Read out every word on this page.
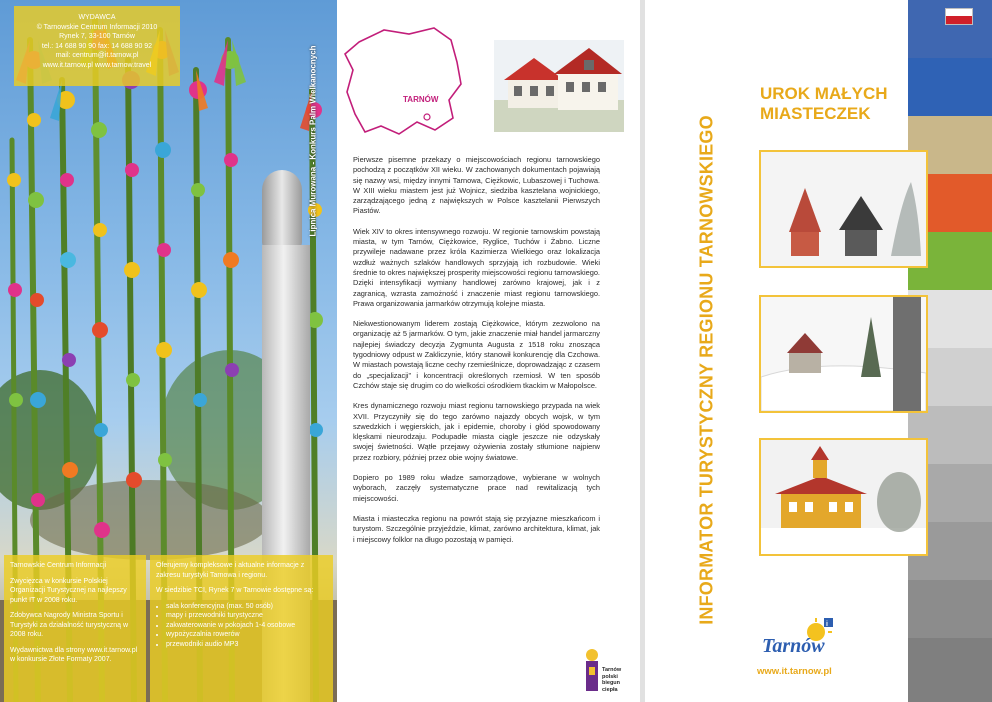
WYDAWCA
© Tarnowskie Centrum Informacji 2010
Rynek 7, 33-100 Tarnów
tel.: 14 688 90 90 fax: 14 688 90 92
mail: centrum@it.tarnow.pl
www.it.tarnow.pl www.tarnow.travel	Lipnica Murowana - Konkurs Palm Wielkanocnych

Tarnowskie Centrum Informacji

Zwycięzca w konkursie Polskiej Organizacji Turystycznej na najlepszy punkt IT w 2008 roku.

Zdobywca Nagrody Ministra Sportu i Turystyki za działalność turystyczną w 2008 roku.

Wydawnictwa dla strony www.it.tarnow.pl w konkursie Złote Formaty 2007.

Oferujemy kompleksowe i aktualne informacje z zakresu turystyki Tarnowa i regionu.

W siedzibie TCI, Rynek 7 w Tarnowie dostępne są:

• sala konferencyjna (max. 50 osób)
• mapy i przewodniki turystyczne
• zakwaterowanie w pokojach 1-4 osobowe
• wypożyczalnia rowerów
• przewodniki audio MP3
TARNÓW

Pierwsze pisemne przekazy o miejscowościach regionu tarnowskiego pochodzą z początków XII wieku. W zachowanych dokumentach pojawiają się nazwy wsi, między innymi Tarnowa, Ciężkowic, Lubaszowej i Tuchowa. W XIII wieku miastem jest już Wojnicz, siedziba kasztelana wojnickiego, zarządzającego jedną z największych w Polsce kasztelanii Pierwszych Piastów.

Wiek XIV to okres intensywnego rozwoju. W regionie tarnowskim powstają miasta, w tym Tarnów, Ciężkowice, Ryglice, Tuchów i Żabno. Liczne przywileje nadawane przez króla Kazimierza Wielkiego oraz lokalizacja wzdłuż ważnych szlaków handlowych sprzyjają ich rozbudowie. Wieki średnie to okres największej prosperity miejscowości regionu tarnowskiego. Dzięki intensyfikacji wymiany handlowej zarówno krajowej, jak i z zagranicą, wzrasta zamożność i znaczenie miast regionu tarnowskiego. Prawa organizowania jarmarków otrzymują kolejne miasta.

Niekwestionowanym liderem zostają Ciężkowice, którym zezwolono na organizację aż 5 jarmarków. O tym, jakie znaczenie miał handel jarmarczny najlepiej świadczy decyzja Zygmunta Augusta z 1518 roku znosząca tygodniowy odpust w Zakliczynie, który stanowił konkurencję dla Czchowa. W miastach powstają liczne cechy rzemieślnicze, doprowadzając z czasem do „specjalizacji” i koncentracji określonych rzemiosł. W ten sposób Czchów staje się drugim co do wielkości ośrodkiem tkackim w Małopolsce.

Kres dynamicznego rozwoju miast regionu tarnowskiego przypada na wiek XVII. Przyczyniły się do tego zarówno najazdy obcych wojsk, w tym szwedzkich i węgierskich, jak i epidemie, choroby i głód spowodowany klęskami nieurodzaju. Podupadłe miasta ciągle jeszcze nie odzyskały swojej świetności. Wątłe przejawy ożywienia zostały stłumione najpierw przez rozbiory, później przez obie wojny światowe.

Dopiero po 1989 roku władze samorządowe, wybierane w wolnych wyborach, zaczęły systematyczne prace nad rewitalizacją tych miejscowości.

Miasta i miasteczka regionu na powrót stają się przyjazne mieszkańcom i turystom. Szczególnie przyjeździe, klimat, zarówno architektura, klimat, jak i miejscowy folklor na długo pozostają w pamięci.

Tarnów
polski
biegun
ciepła
INFORMATOR TURYSTYCZNY REGIONU TARNOWSKIEGO
UROK MAŁYCH
MIASTECZEK
i
Tarnów
www.it.tarnow.pl
